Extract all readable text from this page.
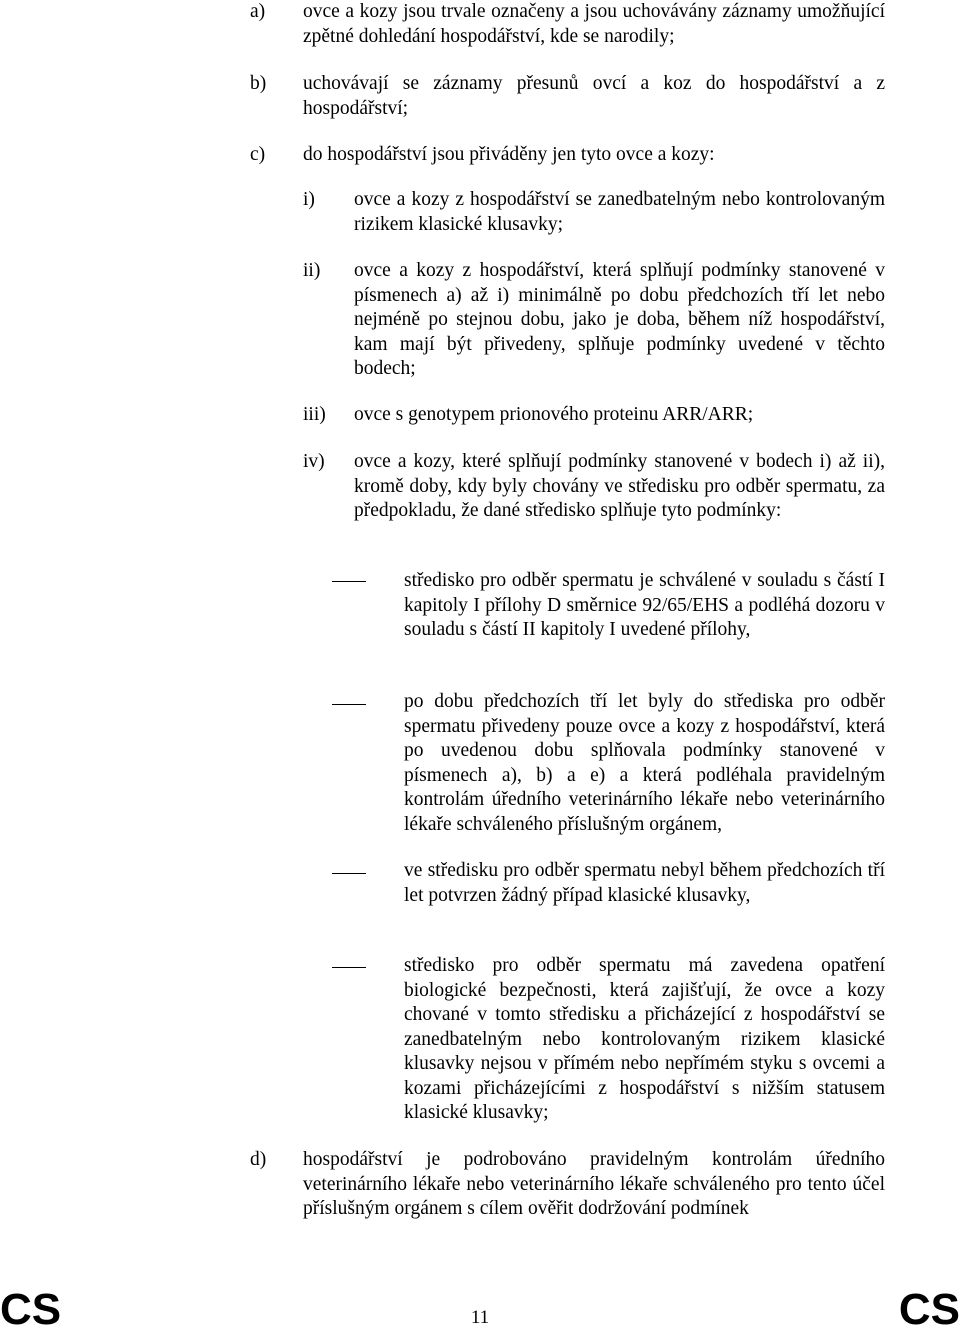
a) ovce a kozy jsou trvale označeny a jsou uchovávány záznamy umožňující zpětné dohledání hospodářství, kde se narodily;
b) uchovávají se záznamy přesunů ovcí a koz do hospodářství a z hospodářství;
c) do hospodářství jsou přiváděny jen tyto ovce a kozy:
i) ovce a kozy z hospodářství se zanedbatelným nebo kontrolovaným rizikem klasické klusavky;
ii) ovce a kozy z hospodářství, která splňují podmínky stanovené v písmenech a) až i) minimálně po dobu předchozích tří let nebo nejméně po stejnou dobu, jako je doba, během níž hospodářství, kam mají být přivedeny, splňuje podmínky uvedené v těchto bodech;
iii) ovce s genotypem prionového proteinu ARR/ARR;
iv) ovce a kozy, které splňují podmínky stanovené v bodech i) až ii), kromě doby, kdy byly chovány ve středisku pro odběr spermatu, za předpokladu, že dané středisko splňuje tyto podmínky:
středisko pro odběr spermatu je schválené v souladu s částí I kapitoly I přílohy D směrnice 92/65/EHS a podléhá dozoru v souladu s částí II kapitoly I uvedené přílohy,
po dobu předchozích tří let byly do střediska pro odběr spermatu přivedeny pouze ovce a kozy z hospodářství, která po uvedenou dobu splňovala podmínky stanovené v písmenech a), b) a e) a která podléhala pravidelným kontrolám úředního veterinárního lékaře nebo veterinárního lékaře schváleného příslušným orgánem,
ve středisku pro odběr spermatu nebyl během předchozích tří let potvrzen žádný případ klasické klusavky,
středisko pro odběr spermatu má zavedena opatření biologické bezpečnosti, která zajišťují, že ovce a kozy chované v tomto středisku a přicházející z hospodářství se zanedbatelným nebo kontrolovaným rizikem klasické klusavky nejsou v přímém nebo nepřímém styku s ovcemi a kozami přicházejícími z hospodářství s nižším statusem klasické klusavky;
d) hospodářství je podrobováno pravidelným kontrolám úředního veterinárního lékaře nebo veterinárního lékaře schváleného pro tento účel příslušným orgánem s cílem ověřit dodržování podmínek
CS	11	CS
